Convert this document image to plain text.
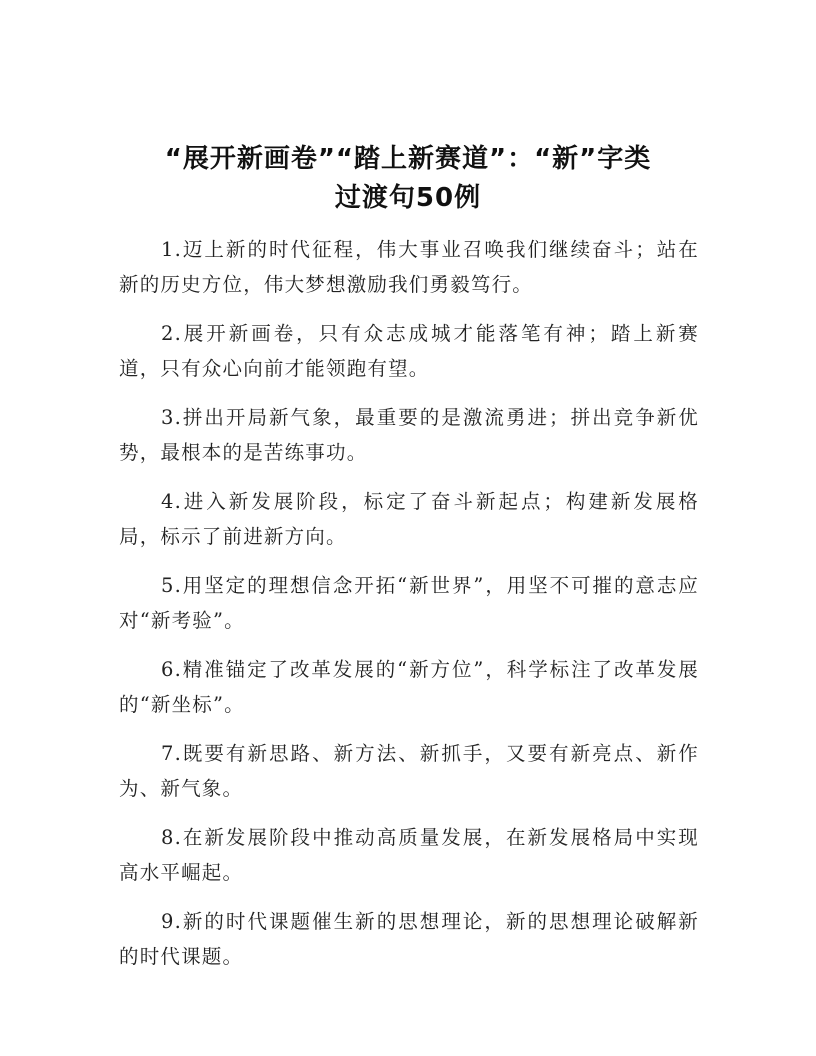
“展开新画卷”“踏上新赛道”：“新”字类
过渡句50例

1.迈上新的时代征程，伟大事业召唤我们继续奋斗；站在新的历史方位，伟大梦想激励我们勇毅笃行。

2.展开新画卷，只有众志成城才能落笔有神；踏上新赛道，只有众心向前才能领跑有望。

3.拼出开局新气象，最重要的是激流勇进；拼出竞争新优势，最根本的是苦练事功。

4.进入新发展阶段，标定了奋斗新起点；构建新发展格局，标示了前进新方向。

5.用坚定的理想信念开拓“新世界”，用坚不可摧的意志应对“新考验”。

6.精准锚定了改革发展的“新方位”，科学标注了改革发展的“新坐标”。

7.既要有新思路、新方法、新抓手，又要有新亮点、新作为、新气象。

8.在新发展阶段中推动高质量发展，在新发展格局中实现高水平崛起。

9.新的时代课题催生新的思想理论，新的思想理论破解新的时代课题。
